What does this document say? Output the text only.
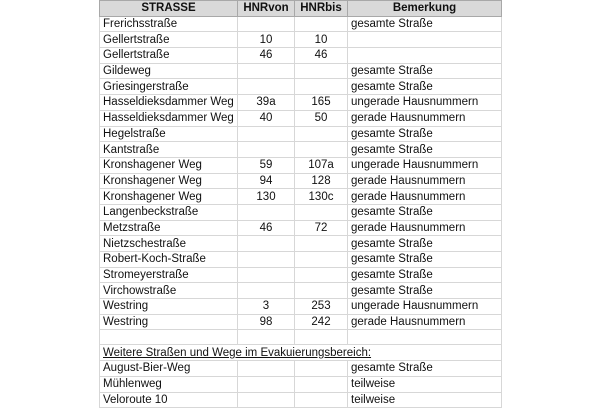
STRASSE	HNRvon	HNRbis	Bemerkung
Frerichsstraße			gesamte Straße
Gellertstraße	10	10	
Gellertstraße	46	46	
Gildeweg			gesamte Straße
Griesingerstraße			gesamte Straße
Hasseldieksdammer Weg	39a	165	ungerade Hausnummern
Hasseldieksdammer Weg	40	50	gerade Hausnummern
Hegelstraße			gesamte Straße
Kantstraße			gesamte Straße
Kronshagener Weg	59	107a	ungerade Hausnummern
Kronshagener Weg	94	128	gerade Hausnummern
Kronshagener Weg	130	130c	gerade Hausnummern
Langenbeckstraße			gesamte Straße
Metzstraße	46	72	gerade Hausnummern
Nietzschestraße			gesamte Straße
Robert-Koch-Straße			gesamte Straße
Stromeyerstraße			gesamte Straße
Virchowstraße			gesamte Straße
Westring	3	253	ungerade Hausnummern
Westring	98	242	gerade Hausnummern

Weitere Straßen und Wege im Evakuierungsbereich:			
August-Bier-Weg			gesamte Straße
Mühlenweg			teilweise
Veloroute 10			teilweise
